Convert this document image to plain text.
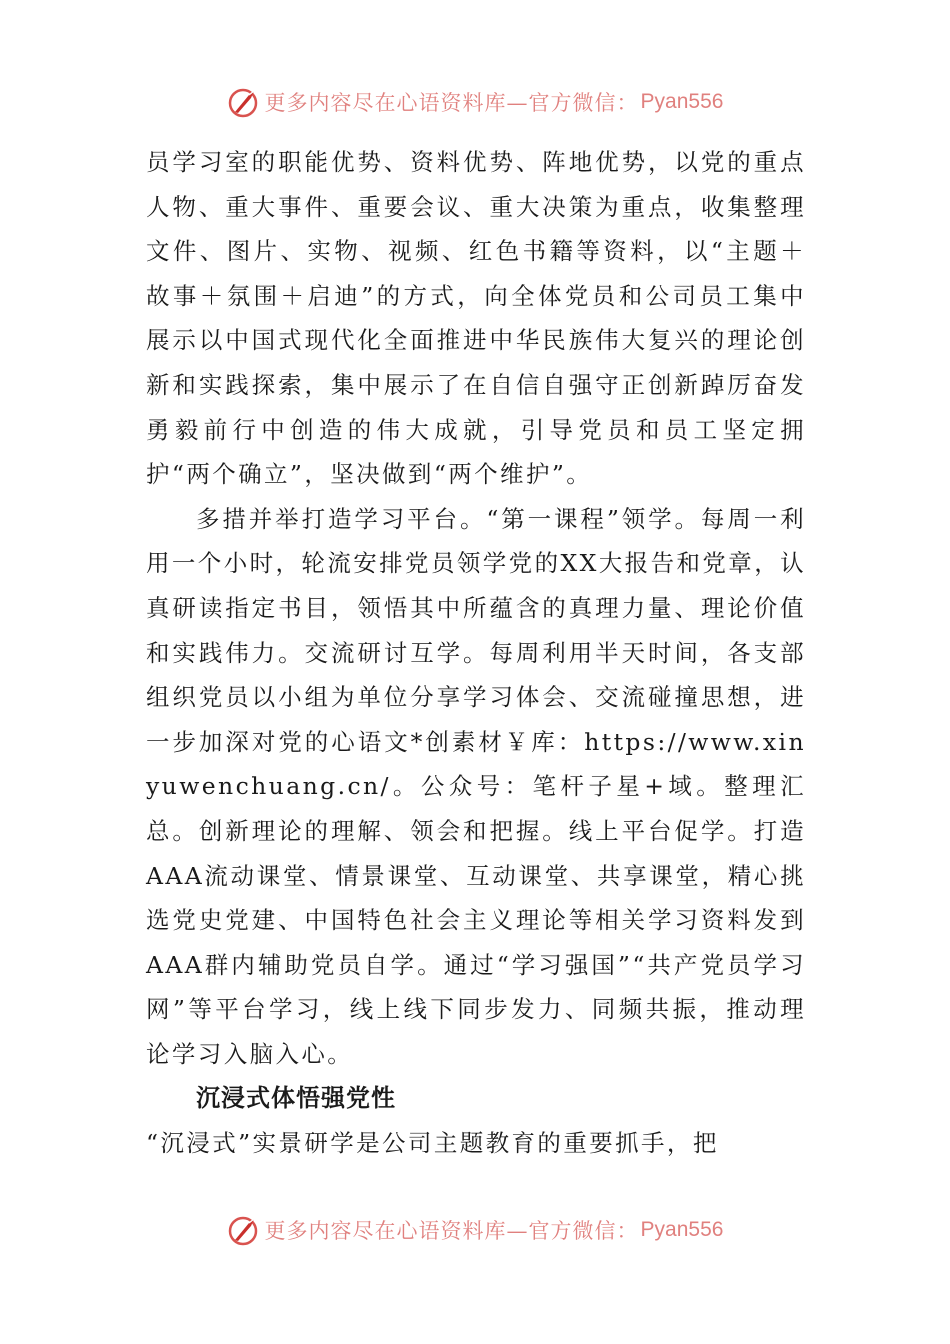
更多内容尽在心语资料库—官方微信： Pyan556

员学习室的职能优势、资料优势、阵地优势，以党的重点人物、重大事件、重要会议、重大决策为重点，收集整理文件、图片、实物、视频、红色书籍等资料，以“主题＋故事＋氛围＋启迪”的方式，向全体党员和公司员工集中展示以中国式现代化全面推进中华民族伟大复兴的理论创新和实践探索，集中展示了在自信自强守正创新踔厉奋发勇毅前行中创造的伟大成就，引导党员和员工坚定拥护“两个确立”，坚决做到“两个维护”。

多措并举打造学习平台。“第一课程”领学。每周一利用一个小时，轮流安排党员领学党的XX大报告和党章，认真研读指定书目，领悟其中所蕴含的真理力量、理论价值和实践伟力。交流研讨互学。每周利用半天时间，各支部组织党员以小组为单位分享学习体会、交流碰撞思想，进一步加深对党的心语文*创素材￥库：https://www.xinyuwenchuang.cn/。公众号：笔杆子星+域。整理汇总。创新理论的理解、领会和把握。线上平台促学。打造AAA流动课堂、情景课堂、互动课堂、共享课堂，精心挑选党史党建、中国特色社会主义理论等相关学习资料发到AAA群内辅助党员自学。通过“学习强国”“共产党员学习网”等平台学习，线上线下同步发力、同频共振，推动理论学习入脑入心。

沉浸式体悟强党性

“沉浸式”实景研学是公司主题教育的重要抓手，把

更多内容尽在心语资料库—官方微信： Pyan556
